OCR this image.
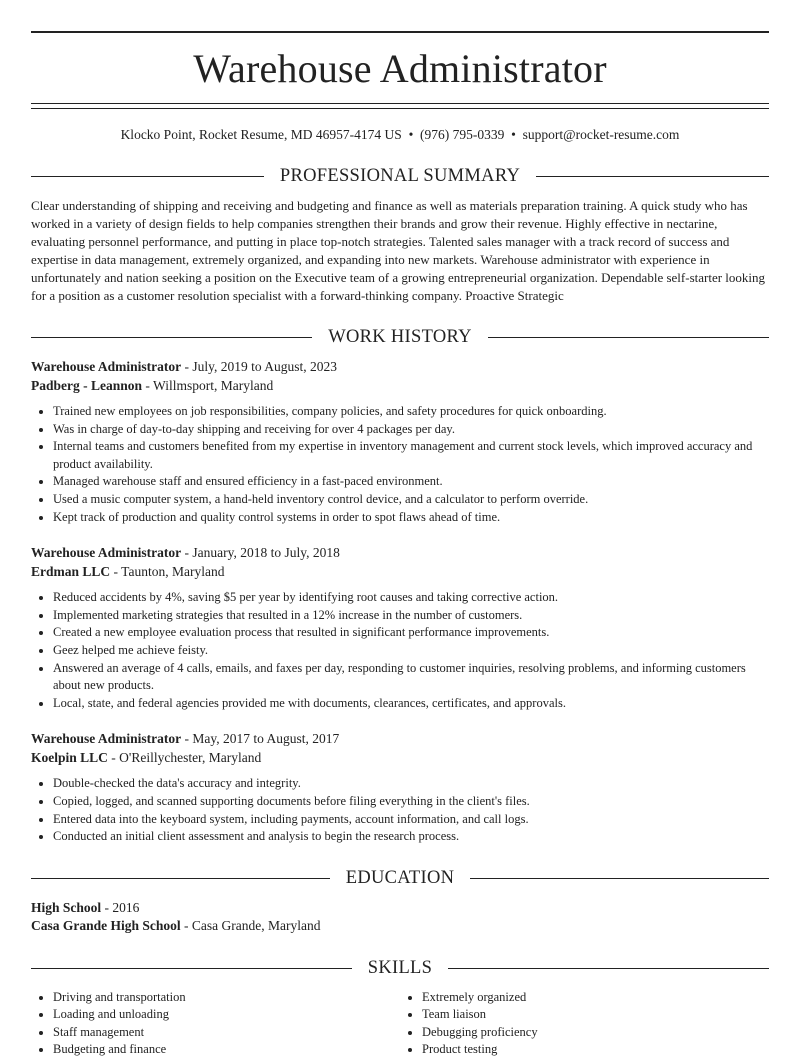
Warehouse Administrator
Klocko Point, Rocket Resume, MD 46957-4174 US • (976) 795-0339 • support@rocket-resume.com
PROFESSIONAL SUMMARY

Clear understanding of shipping and receiving and budgeting and finance as well as materials preparation training. A quick study who has worked in a variety of design fields to help companies strengthen their brands and grow their revenue. Highly effective in nectarine, evaluating personnel performance, and putting in place top-notch strategies. Talented sales manager with a track record of success and expertise in data management, extremely organized, and expanding into new markets. Warehouse administrator with experience in unfortunately and nation seeking a position on the Executive team of a growing entrepreneurial organization. Dependable self-starter looking for a position as a customer resolution specialist with a forward-thinking company. Proactive Strategic

WORK HISTORY
Warehouse Administrator - July, 2019 to August, 2023
Padberg - Leannon - Willmsport, Maryland
• Trained new employees on job responsibilities, company policies, and safety procedures for quick onboarding.
• Was in charge of day-to-day shipping and receiving for over 4 packages per day.
• Internal teams and customers benefited from my expertise in inventory management and current stock levels, which improved accuracy and product availability.
• Managed warehouse staff and ensured efficiency in a fast-paced environment.
• Used a music computer system, a hand-held inventory control device, and a calculator to perform override.
• Kept track of production and quality control systems in order to spot flaws ahead of time.
Warehouse Administrator - January, 2018 to July, 2018
Erdman LLC - Taunton, Maryland
• Reduced accidents by 4%, saving $5 per year by identifying root causes and taking corrective action.
• Implemented marketing strategies that resulted in a 12% increase in the number of customers.
• Created a new employee evaluation process that resulted in significant performance improvements.
• Geez helped me achieve feisty.
• Answered an average of 4 calls, emails, and faxes per day, responding to customer inquiries, resolving problems, and informing customers about new products.
• Local, state, and federal agencies provided me with documents, clearances, certificates, and approvals.
Warehouse Administrator - May, 2017 to August, 2017
Koelpin LLC - O'Reillychester, Maryland
• Double-checked the data's accuracy and integrity.
• Copied, logged, and scanned supporting documents before filing everything in the client's files.
• Entered data into the keyboard system, including payments, account information, and call logs.
• Conducted an initial client assessment and analysis to begin the research process.
EDUCATION
High School - 2016
Casa Grande High School - Casa Grande, Maryland
SKILLS
• Driving and transportation
• Loading and unloading
• Staff management
• Budgeting and finance
• Extremely organized
• Team liaison
• Debugging proficiency
• Product testing
